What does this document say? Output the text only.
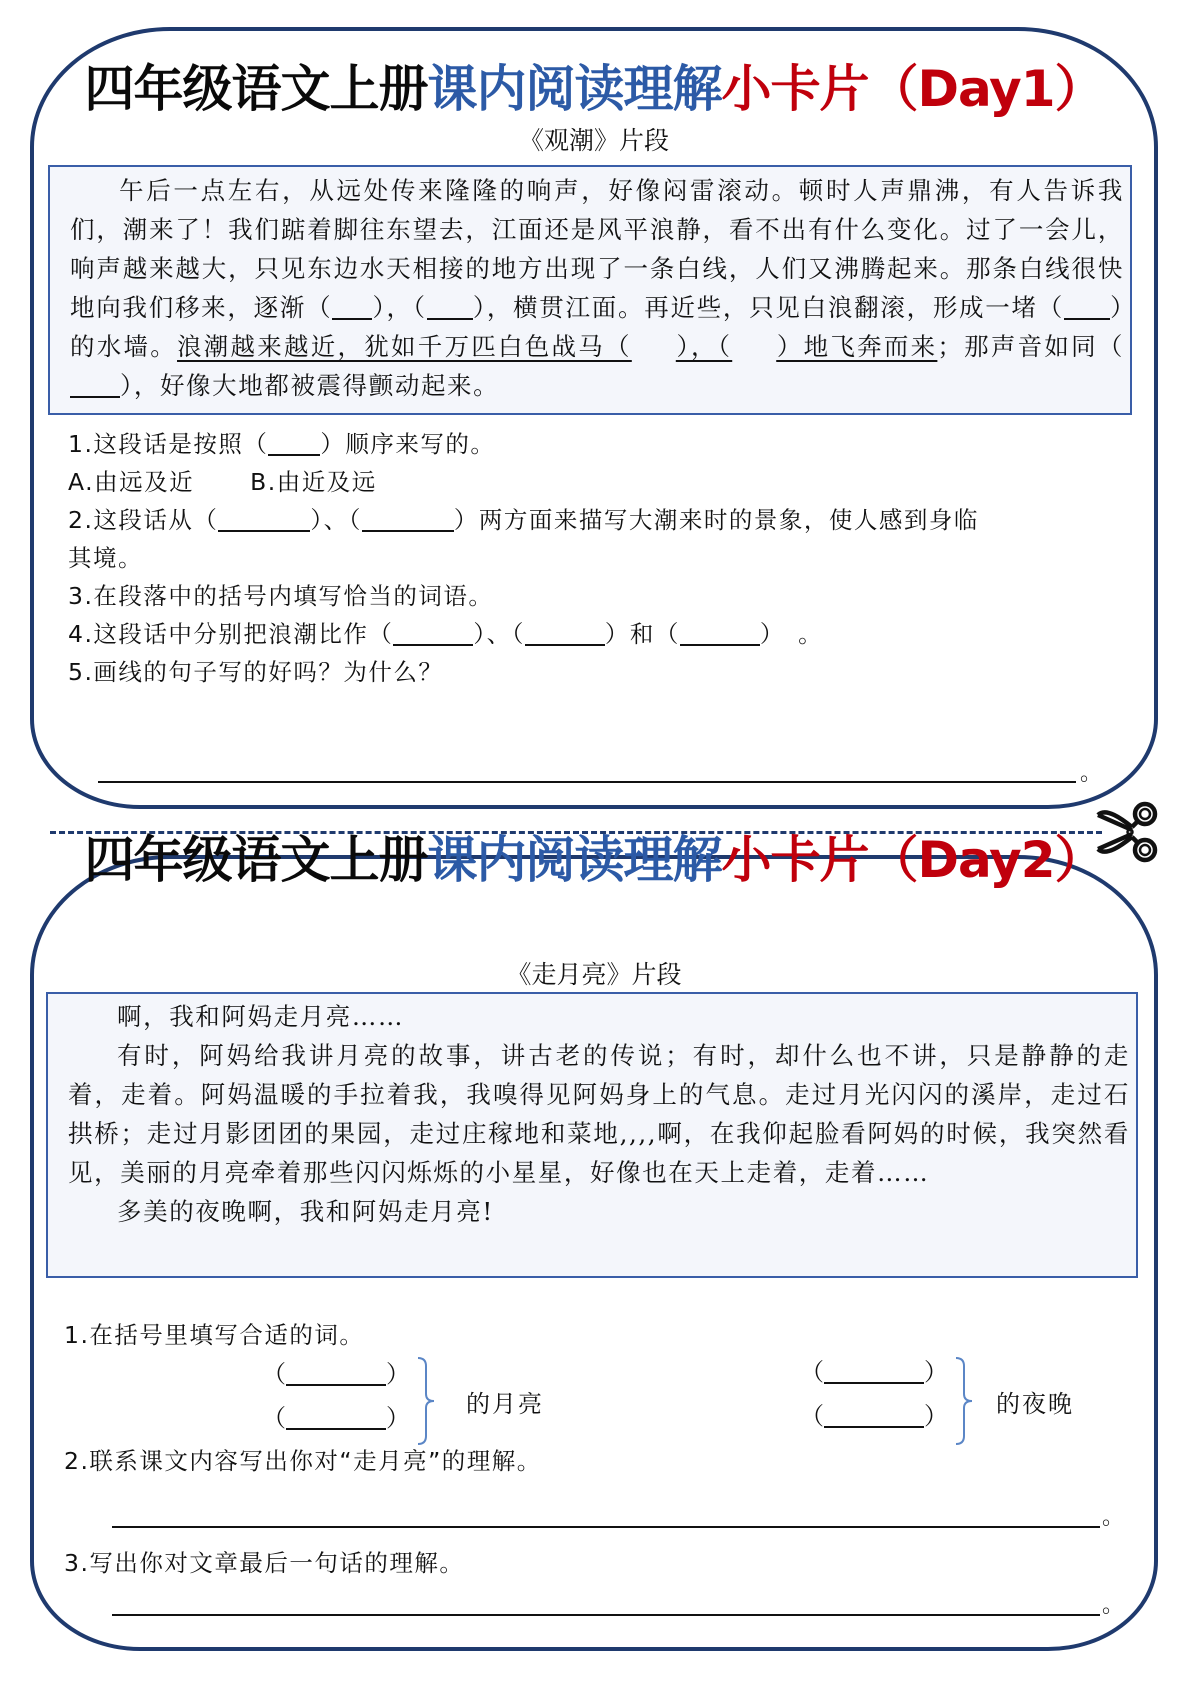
四年级语文上册课内阅读理解小卡片（Day1）
《观潮》片段

午后一点左右，从远处传来隆隆的响声，好像闷雷滚动。顿时人声鼎沸，有人告诉我们，潮来了！我们踮着脚往东望去，江面还是风平浪静，看不出有什么变化。过了一会儿，响声越来越大，只见东边水天相接的地方出现了一条白线，人们又沸腾起来。那条白线很快地向我们移来，逐渐（ ），（ ），横贯江面。再近些，只见白浪翻滚，形成一堵（ ）的水墙。浪潮越来越近，犹如千万匹白色战马（ ），（ ）地飞奔而来；那声音如同（），好像大地都被震得颤动起来。

1.这段话是按照（ ）顺序来写的。
A.由远及近 B.由近及远
2.这段话从（	）、（	）两方面来描写大潮来时的景象，使人感到身临
其境。
3.在段落中的括号内填写恰当的词语。
4.这段话中分别把浪潮比作（	）、（	）和（	）　。
5.画线的句子写的好吗？为什么？
。
四年级语文上册课内阅读理解小卡片（Day2）
《走月亮》片段

啊，我和阿妈走月亮……

有时，阿妈给我讲月亮的故事，讲古老的传说；有时，却什么也不讲，只是静静的走着，走着。阿妈温暖的手拉着我，我嗅得见阿妈身上的气息。走过月光闪闪的溪岸，走过石拱桥；走过月影团团的果园，走过庄稼地和菜地,,,,啊，在我仰起脸看阿妈的时候，我突然看见，美丽的月亮牵着那些闪闪烁烁的小星星，好像也在天上走着，走着……

多美的夜晚啊，我和阿妈走月亮!

1.在括号里填写合适的词。
（	）
（	） 的月亮
（	）
（	） 的夜晚
2.联系课文内容写出你对“走月亮”的理解。
。
3.写出你对文章最后一句话的理解。
。
